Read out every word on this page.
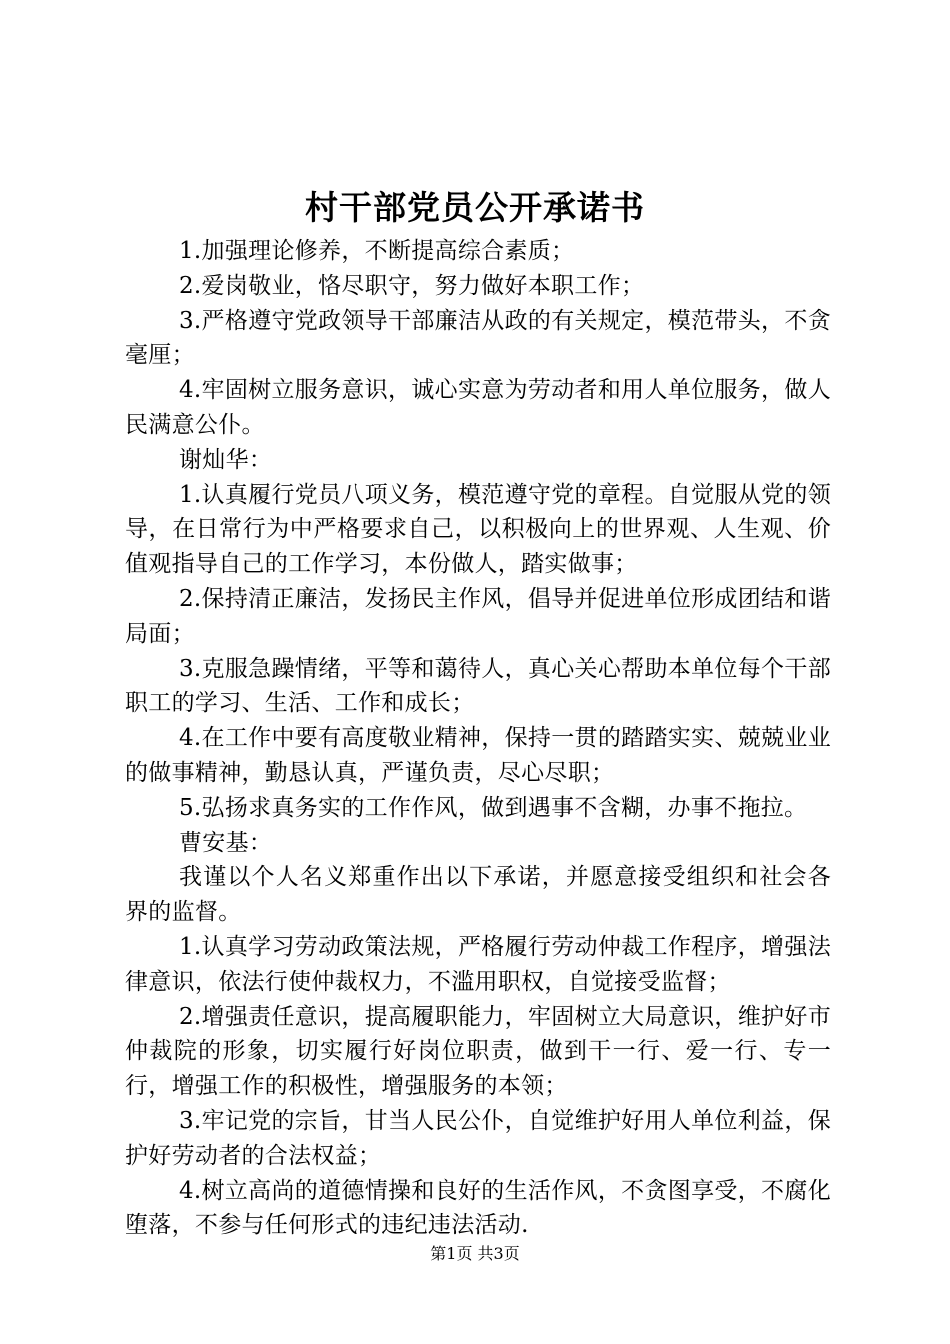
村干部党员公开承诺书

1.加强理论修养，不断提高综合素质；

2.爱岗敬业，恪尽职守，努力做好本职工作；

3.严格遵守党政领导干部廉洁从政的有关规定，模范带头，不贪毫厘；

4.牢固树立服务意识，诚心实意为劳动者和用人单位服务，做人民满意公仆。

谢灿华：

1.认真履行党员八项义务，模范遵守党的章程。自觉服从党的领导，在日常行为中严格要求自己，以积极向上的世界观、人生观、价值观指导自己的工作学习，本份做人，踏实做事；

2.保持清正廉洁，发扬民主作风，倡导并促进单位形成团结和谐局面；

3.克服急躁情绪，平等和蔼待人，真心关心帮助本单位每个干部职工的学习、生活、工作和成长；

4.在工作中要有高度敬业精神，保持一贯的踏踏实实、兢兢业业的做事精神，勤恳认真，严谨负责，尽心尽职；

5.弘扬求真务实的工作作风，做到遇事不含糊，办事不拖拉。

曹安基：

我谨以个人名义郑重作出以下承诺，并愿意接受组织和社会各界的监督。

1.认真学习劳动政策法规，严格履行劳动仲裁工作程序，增强法律意识，依法行使仲裁权力，不滥用职权，自觉接受监督；

2.增强责任意识，提高履职能力，牢固树立大局意识，维护好市仲裁院的形象，切实履行好岗位职责，做到干一行、爱一行、专一行，增强工作的积极性，增强服务的本领；

3.牢记党的宗旨，甘当人民公仆，自觉维护好用人单位利益，保护好劳动者的合法权益；

4.树立高尚的道德情操和良好的生活作风，不贪图享受，不腐化堕落，不参与任何形式的违纪违法活动.

第1页 共3页
